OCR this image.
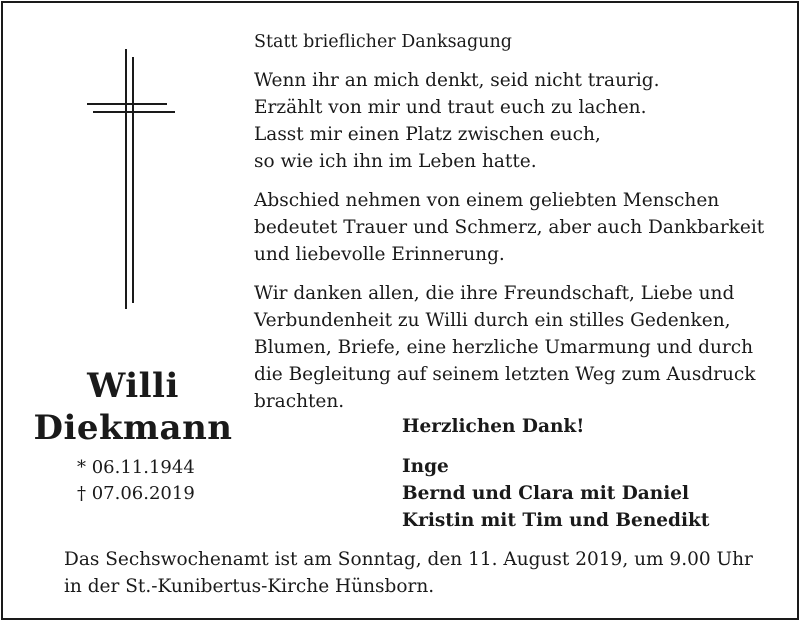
Willi
Diekmann
* 06.11.1944
† 07.06.2019

Statt brieflicher Danksagung

Wenn ihr an mich denkt, seid nicht traurig.
Erzählt von mir und traut euch zu lachen.
Lasst mir einen Platz zwischen euch,
so wie ich ihn im Leben hatte.

Abschied nehmen von einem geliebten Menschen
bedeutet Trauer und Schmerz, aber auch Dankbarkeit
und liebevolle Erinnerung.

Wir danken allen, die ihre Freundschaft, Liebe und
Verbundenheit zu Willi durch ein stilles Gedenken,
Blumen, Briefe, eine herzliche Umarmung und durch
die Begleitung auf seinem letzten Weg zum Ausdruck
brachten.

Herzlichen Dank!
Inge
Bernd und Clara mit Daniel
Kristin mit Tim und Benedikt
Das Sechswochenamt ist am Sonntag, den 11. August 2019, um 9.00 Uhr
in der St.-Kunibertus-Kirche Hünsborn.
